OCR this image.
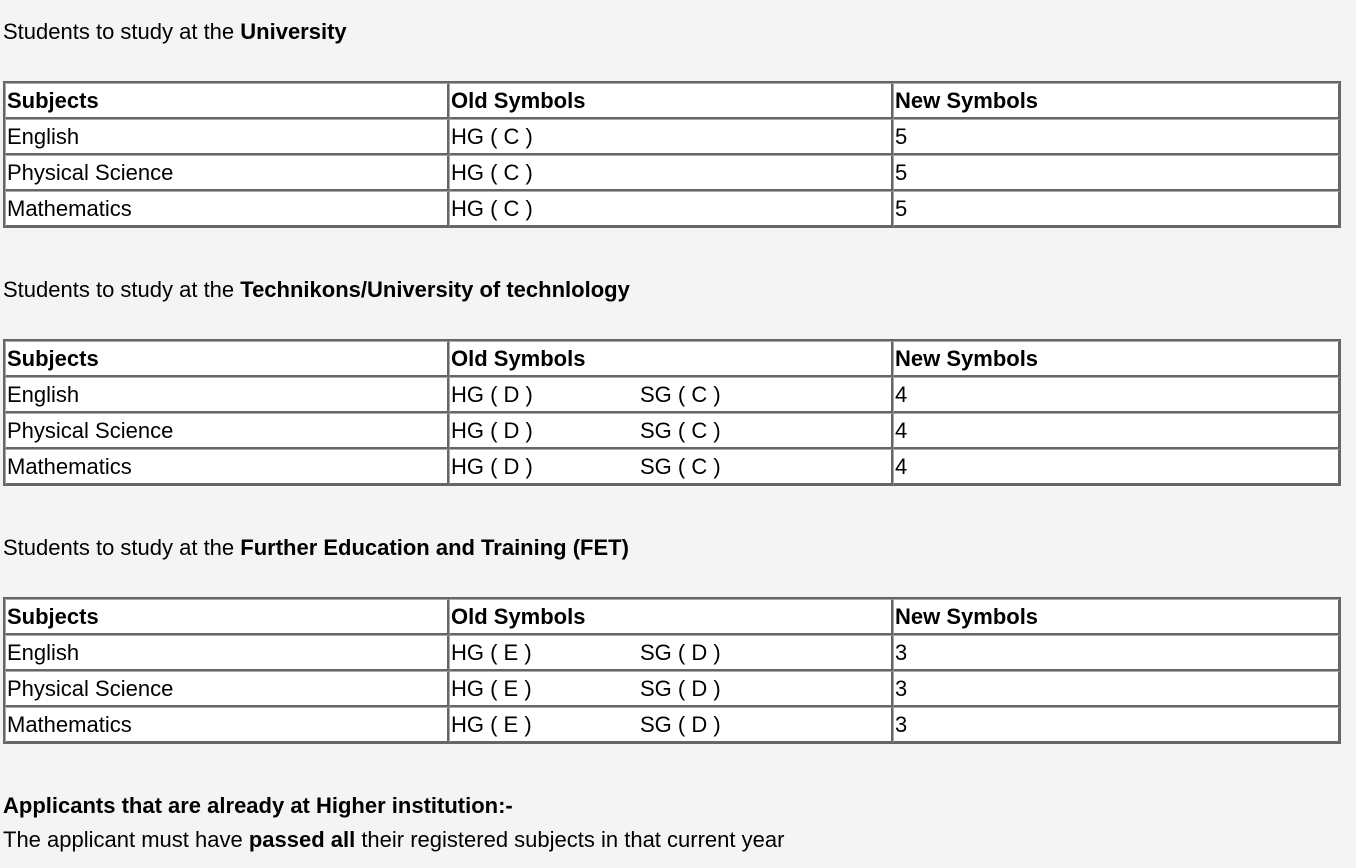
Students to study at the University
Subjects	Old Symbols	New Symbols
English	HG ( C )	5
Physical Science	HG ( C )	5
Mathematics	HG ( C )	5
Students to study at the Technikons/University of technlology
Subjects	Old Symbols	New Symbols
English	HG ( D ) SG ( C )	4
Physical Science	HG ( D ) SG ( C )	4
Mathematics	HG ( D ) SG ( C )	4
Students to study at the Further Education and Training (FET)
Subjects	Old Symbols	New Symbols
English	HG ( E ) SG ( D )	3
Physical Science	HG ( E ) SG ( D )	3
Mathematics	HG ( E ) SG ( D )	3
Applicants that are already at Higher institution:-
The applicant must have passed all their registered subjects in that current year
